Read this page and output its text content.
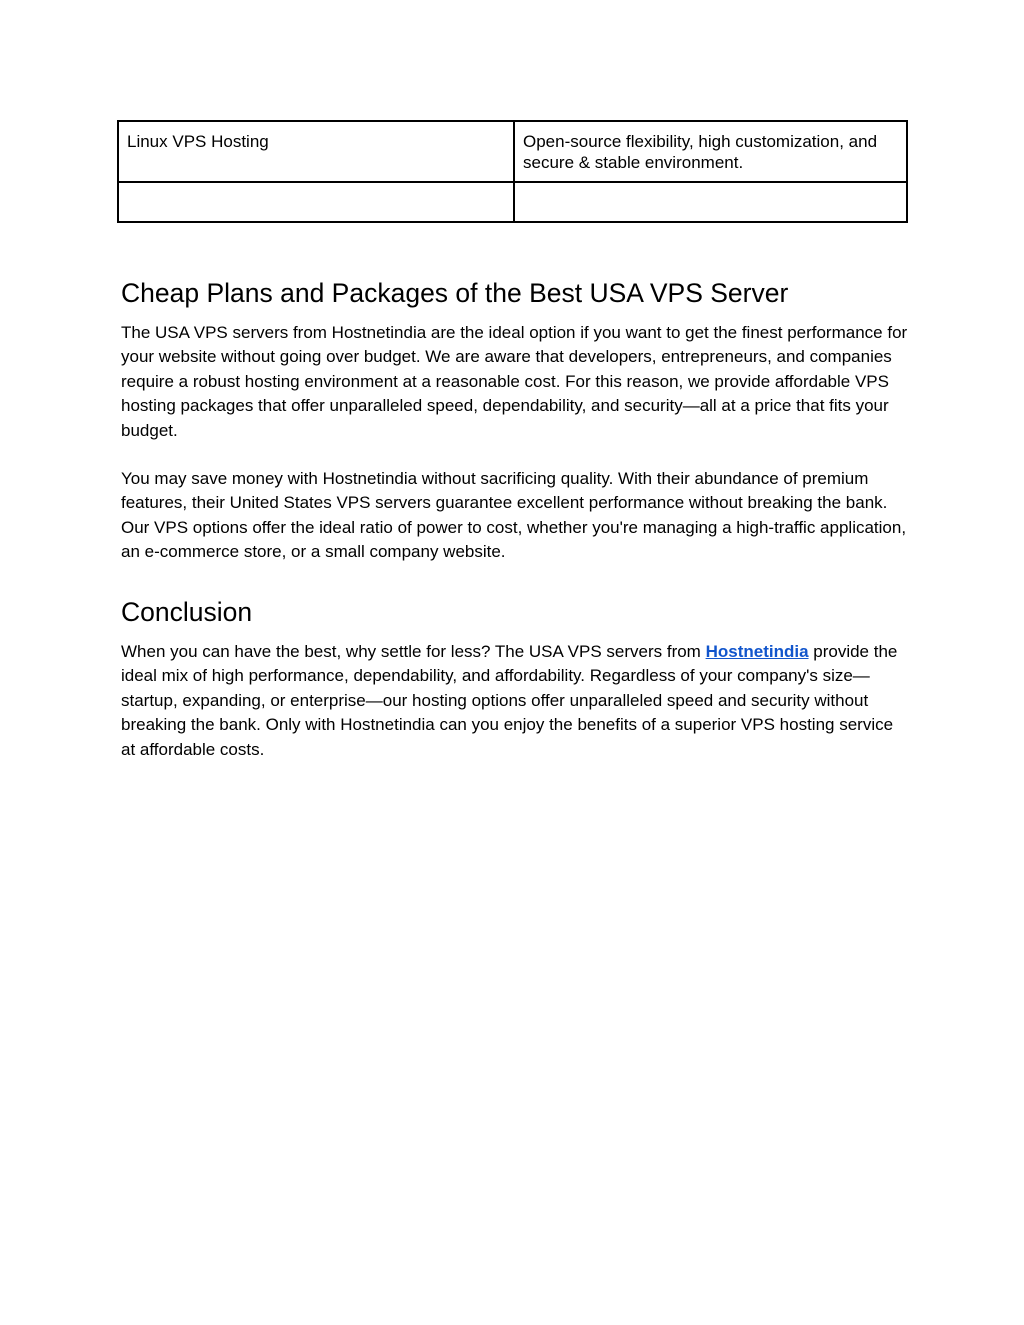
Linux VPS Hosting	Open-source flexibility, high customization, and secure & stable environment.

Cheap Plans and Packages of the Best USA VPS Server

The USA VPS servers from Hostnetindia are the ideal option if you want to get the finest performance for your website without going over budget. We are aware that developers, entrepreneurs, and companies require a robust hosting environment at a reasonable cost. For this reason, we provide affordable VPS hosting packages that offer unparalleled speed, dependability, and security—all at a price that fits your budget.

You may save money with Hostnetindia without sacrificing quality. With their abundance of premium features, their United States VPS servers guarantee excellent performance without breaking the bank. Our VPS options offer the ideal ratio of power to cost, whether you're managing a high-traffic application, an e-commerce store, or a small company website.

Conclusion

When you can have the best, why settle for less? The USA VPS servers from Hostnetindia provide the ideal mix of high performance, dependability, and affordability. Regardless of your company's size—startup, expanding, or enterprise—our hosting options offer unparalleled speed and security without breaking the bank. Only with Hostnetindia can you enjoy the benefits of a superior VPS hosting service at affordable costs.
